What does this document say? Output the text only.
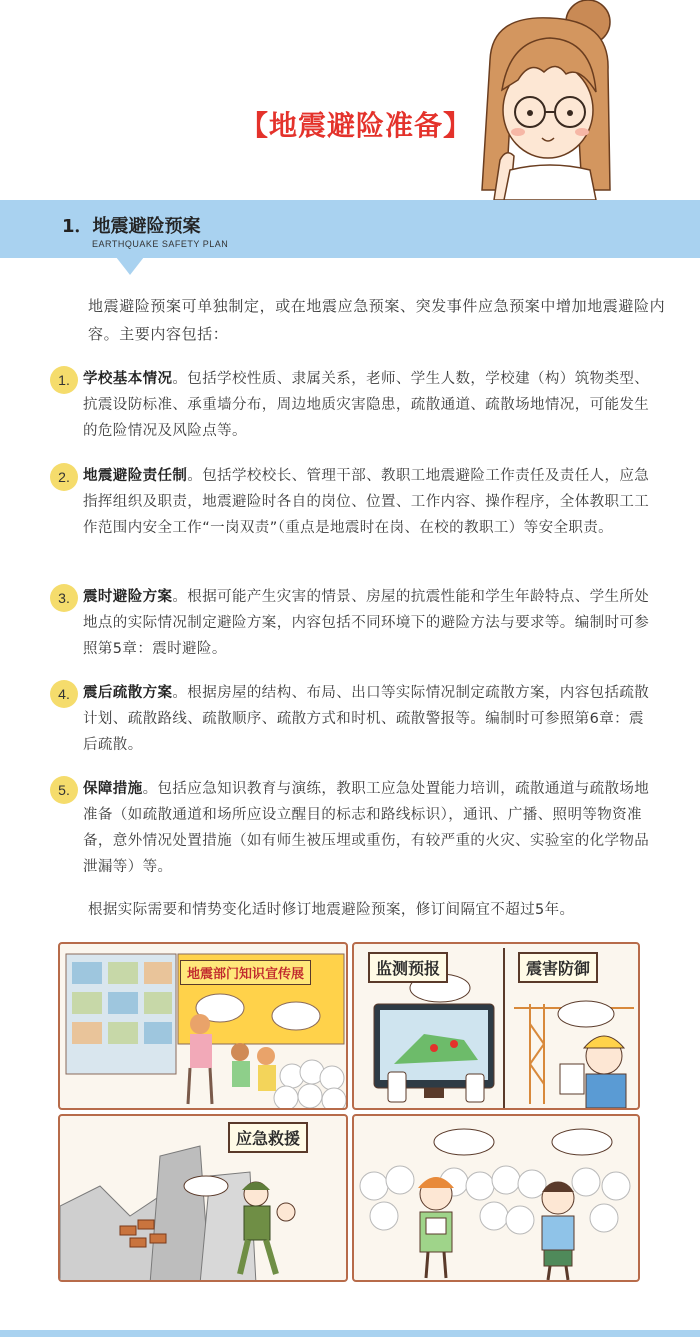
【地震避险准备】
1．地震避险预案
EARTHQUAKE SAFETY PLAN
地震避险预案可单独制定，或在地震应急预案、突发事件应急预案中增加地震避险内容。主要内容包括：
1. 学校基本情况。包括学校性质、隶属关系，老师、学生人数，学校建（构）筑物类型、抗震设防标准、承重墙分布，周边地质灾害隐患，疏散通道、疏散场地情况，可能发生的危险情况及风险点等。
2. 地震避险责任制。包括学校校长、管理干部、教职工地震避险工作责任及责任人，应急指挥组织及职责，地震避险时各自的岗位、位置、工作内容、操作程序，全体教职工工作范围内安全工作“一岗双责”（重点是地震时在岗、在校的教职工）等安全职责。
3. 震时避险方案。根据可能产生灾害的情景、房屋的抗震性能和学生年龄特点、学生所处地点的实际情况制定避险方案，内容包括不同环境下的避险方法与要求等。编制时可参照第5章：震时避险。
4. 震后疏散方案。根据房屋的结构、布局、出口等实际情况制定疏散方案，内容包括疏散计划、疏散路线、疏散顺序、疏散方式和时机、疏散警报等。编制时可参照第6章：震后疏散。
5. 保障措施。包括应急知识教育与演练，教职工应急处置能力培训，疏散通道与疏散场地准备（如疏散通道和场所应设立醒目的标志和路线标识），通讯、广播、照明等物资准备，意外情况处置措施（如有师生被压埋或重伤，有较严重的火灾、实验室的化学物品泄漏等）等。
根据实际需要和情势变化适时修订地震避险预案，修订间隔宜不超过5年。
地震部门知识宣传展	监测预报	震害防御
应急救援
